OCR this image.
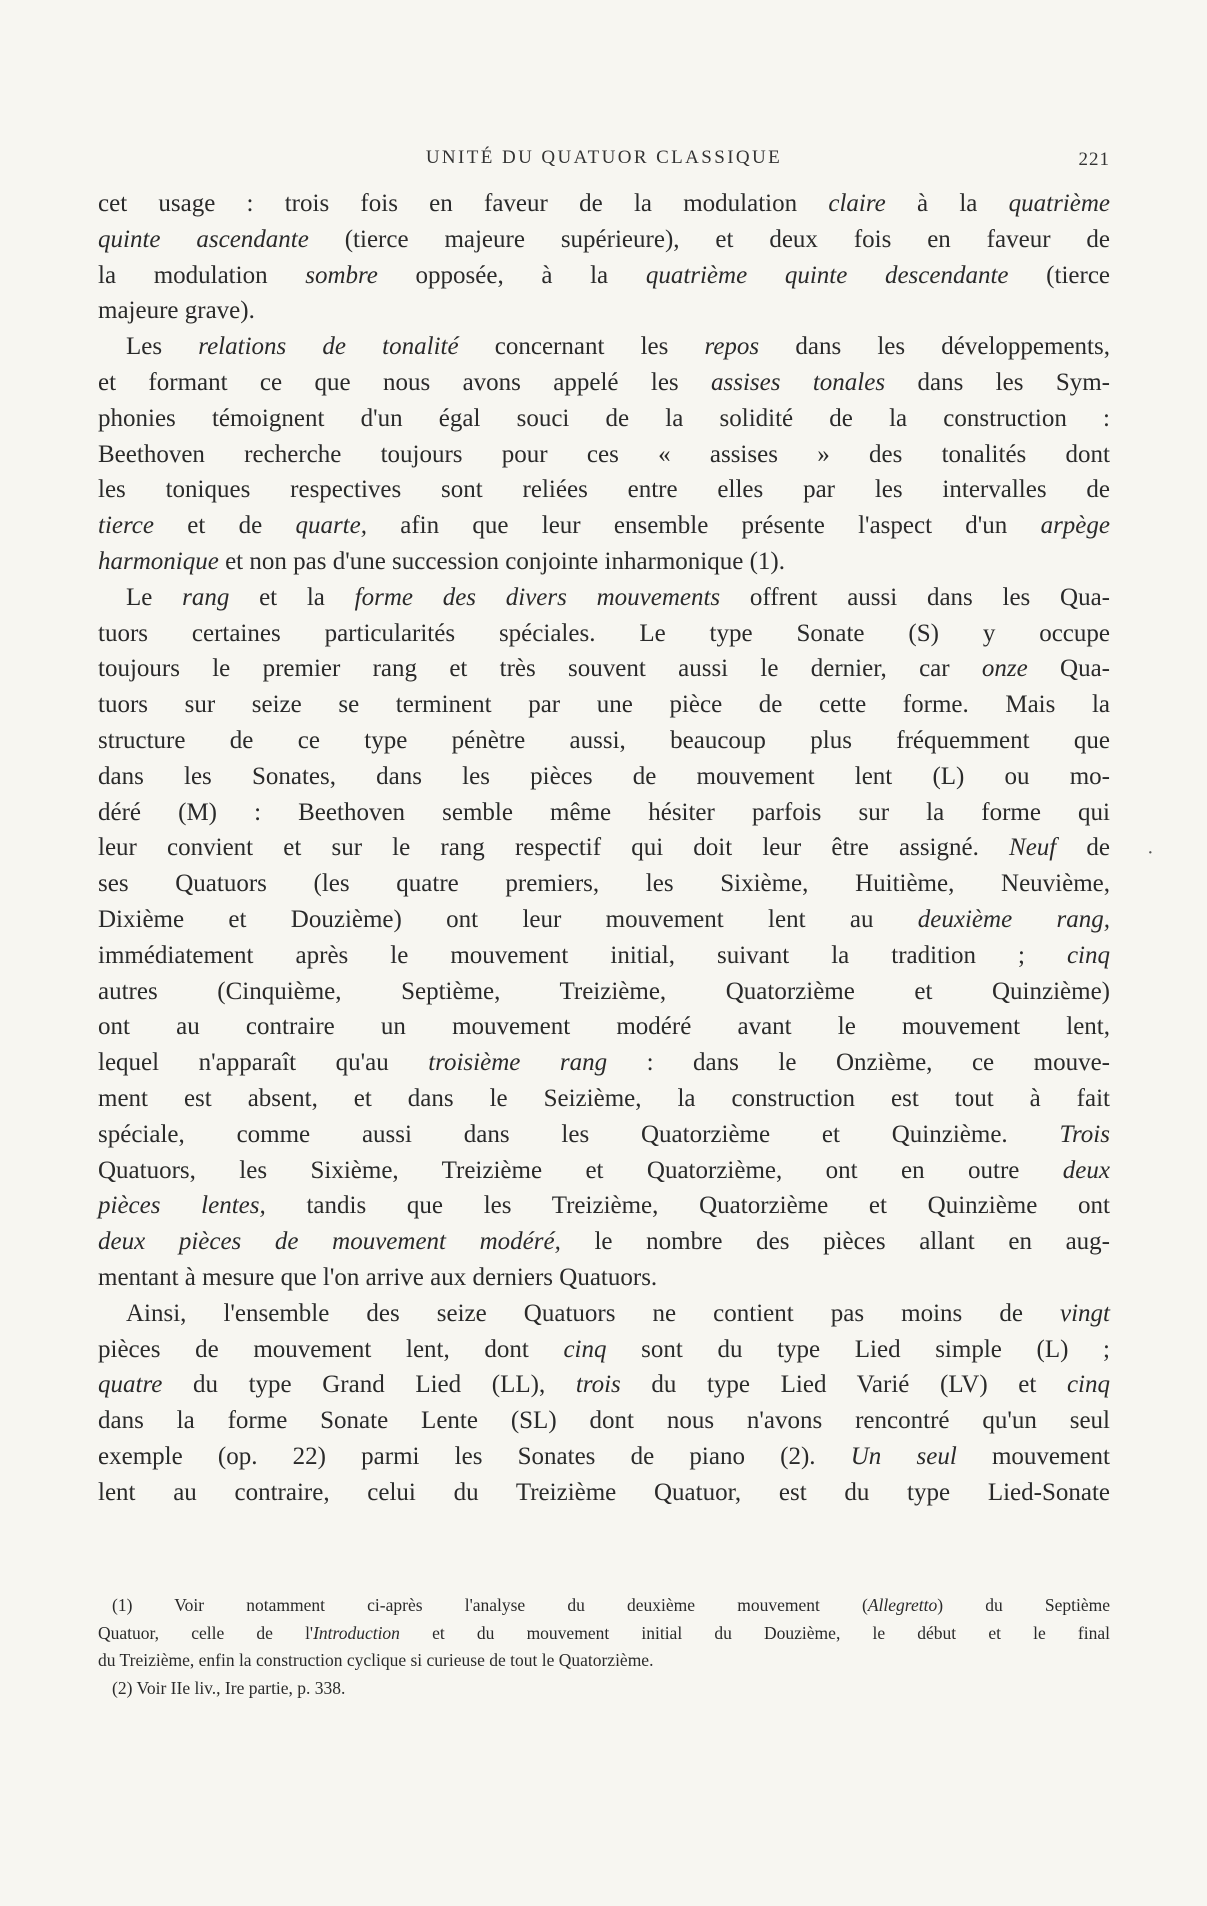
UNITÉ DU QUATUOR CLASSIQUE	221
cet usage : trois fois en faveur de la modulation claire à la quatrième
quinte ascendante (tierce majeure supérieure), et deux fois en faveur de
la modulation sombre opposée, à la quatrième quinte descendante (tierce
majeure grave).
Les relations de tonalité concernant les repos dans les développements,
et formant ce que nous avons appelé les assises tonales dans les Sym-
phonies témoignent d'un égal souci de la solidité de la construction :
Beethoven recherche toujours pour ces « assises » des tonalités dont
les toniques respectives sont reliées entre elles par les intervalles de
tierce et de quarte, afin que leur ensemble présente l'aspect d'un arpège
harmonique et non pas d'une succession conjointe inharmonique (1).
Le rang et la forme des divers mouvements offrent aussi dans les Qua-
tuors certaines particularités spéciales. Le type Sonate (S) y occupe
toujours le premier rang et très souvent aussi le dernier, car onze Qua-
tuors sur seize se terminent par une pièce de cette forme. Mais la
structure de ce type pénètre aussi, beaucoup plus fréquemment que
dans les Sonates, dans les pièces de mouvement lent (L) ou mo-
déré (M) : Beethoven semble même hésiter parfois sur la forme qui
leur convient et sur le rang respectif qui doit leur être assigné. Neuf de
ses Quatuors (les quatre premiers, les Sixième, Huitième, Neuvième,
Dixième et Douzième) ont leur mouvement lent au deuxième rang,
immédiatement après le mouvement initial, suivant la tradition ; cinq
autres (Cinquième, Septième, Treizième, Quatorzième et Quinzième)
ont au contraire un mouvement modéré avant le mouvement lent,
lequel n'apparaît qu'au troisième rang : dans le Onzième, ce mouve-
ment est absent, et dans le Seizième, la construction est tout à fait
spéciale, comme aussi dans les Quatorzième et Quinzième. Trois
Quatuors, les Sixième, Treizième et Quatorzième, ont en outre deux
pièces lentes, tandis que les Treizième, Quatorzième et Quinzième ont
deux pièces de mouvement modéré, le nombre des pièces allant en aug-
mentant à mesure que l'on arrive aux derniers Quatuors.
Ainsi, l'ensemble des seize Quatuors ne contient pas moins de vingt
pièces de mouvement lent, dont cinq sont du type Lied simple (L) ;
quatre du type Grand Lied (LL), trois du type Lied Varié (LV) et cinq
dans la forme Sonate Lente (SL) dont nous n'avons rencontré qu'un seul
exemple (op. 22) parmi les Sonates de piano (2). Un seul mouvement
lent au contraire, celui du Treizième Quatuor, est du type Lied-Sonate
·
(1) Voir notamment ci-après l'analyse du deuxième mouvement (Allegretto) du Septième
Quatuor, celle de l'Introduction et du mouvement initial du Douzième, le début et le final
du Treizième, enfin la construction cyclique si curieuse de tout le Quatorzième.
(2) Voir IIe liv., Ire partie, p. 338.
